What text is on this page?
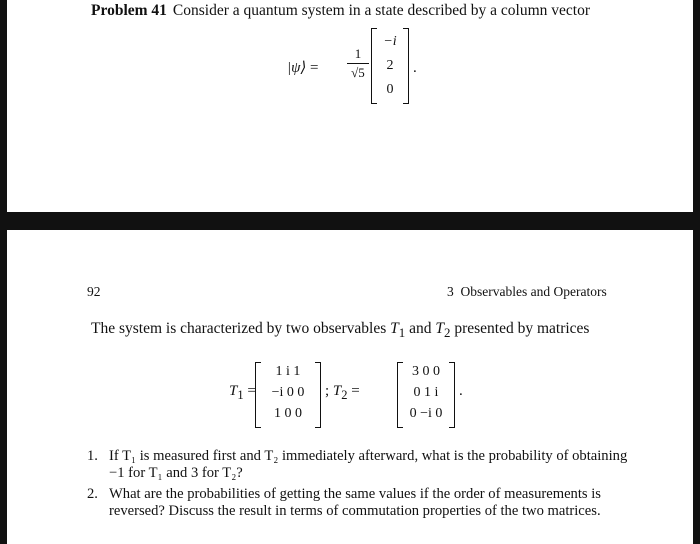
Problem 41 Consider a quantum system in a state described by a column vector
|ψ⟩ =
1
√5
−i
2
0
.
92	3 Observables and Operators
The system is characterized by two observables $T_1$ and $T_2$ presented by matrices
$T_1$ =
1 i 1
−i 0 0
1 0 0
; $T_2$ =
3 0 0
0 1 i
0 −i 0
.
1. If T₁ is measured first and T₂ immediately afterward, what is the probability of obtaining −1 for T₁ and 3 for T₂?
2. What are the probabilities of getting the same values if the order of measurements is reversed? Discuss the result in terms of commutation properties of the two matrices.
